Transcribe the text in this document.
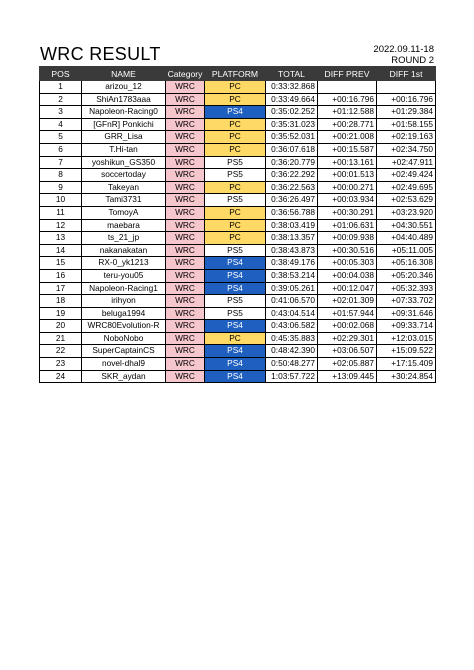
WRC RESULT	2022.09.11-18
ROUND 2
POS	NAME	Category	PLATFORM	TOTAL	DIFF PREV	DIFF 1st
1	arizou_12	WRC	PC	0:33:32.868		
2	ShiAn1783aaa	WRC	PC	0:33:49.664	+00:16.796	+00:16.796
3	Napoleon-Racing0	WRC	PS4	0:35:02.252	+01:12.588	+01:29.384
4	[GFnR] Ponkichi	WRC	PC	0:35:31.023	+00:28.771	+01:58.155
5	GRR_Lisa	WRC	PC	0:35:52.031	+00:21.008	+02:19.163
6	T.Hi-tan	WRC	PC	0:36:07.618	+00:15.587	+02:34.750
7	yoshikun_GS350	WRC	PS5	0:36:20.779	+00:13.161	+02:47.911
8	soccertoday	WRC	PS5	0:36:22.292	+00:01.513	+02:49.424
9	Takeyan	WRC	PC	0:36:22.563	+00:00.271	+02:49.695
10	Tami3731	WRC	PS5	0:36:26.497	+00:03.934	+02:53.629
11	TomoyA	WRC	PC	0:36:56.788	+00:30.291	+03:23.920
12	maebara	WRC	PC	0:38:03.419	+01:06.631	+04:30.551
13	ts_21_jp	WRC	PC	0:38:13.357	+00:09.938	+04:40.489
14	nakanakatan	WRC	PS5	0:38:43.873	+00:30.516	+05:11.005
15	RX-0_yk1213	WRC	PS4	0:38:49.176	+00:05.303	+05:16.308
16	teru-you05	WRC	PS4	0:38:53.214	+00:04.038	+05:20.346
17	Napoleon-Racing1	WRC	PS4	0:39:05.261	+00:12.047	+05:32.393
18	irihyon	WRC	PS5	0:41:06.570	+02:01.309	+07:33.702
19	beluga1994	WRC	PS5	0:43:04.514	+01:57.944	+09:31.646
20	WRC80Evolution-R	WRC	PS4	0:43:06.582	+00:02.068	+09:33.714
21	NoboNobo	WRC	PC	0:45:35.883	+02:29.301	+12:03.015
22	SuperCaptainCS	WRC	PS4	0:48:42.390	+03:06.507	+15:09.522
23	novel-dhal9	WRC	PS4	0:50:48.277	+02:05.887	+17:15.409
24	SKR_aydan	WRC	PS4	1:03:57.722	+13:09.445	+30:24.854
